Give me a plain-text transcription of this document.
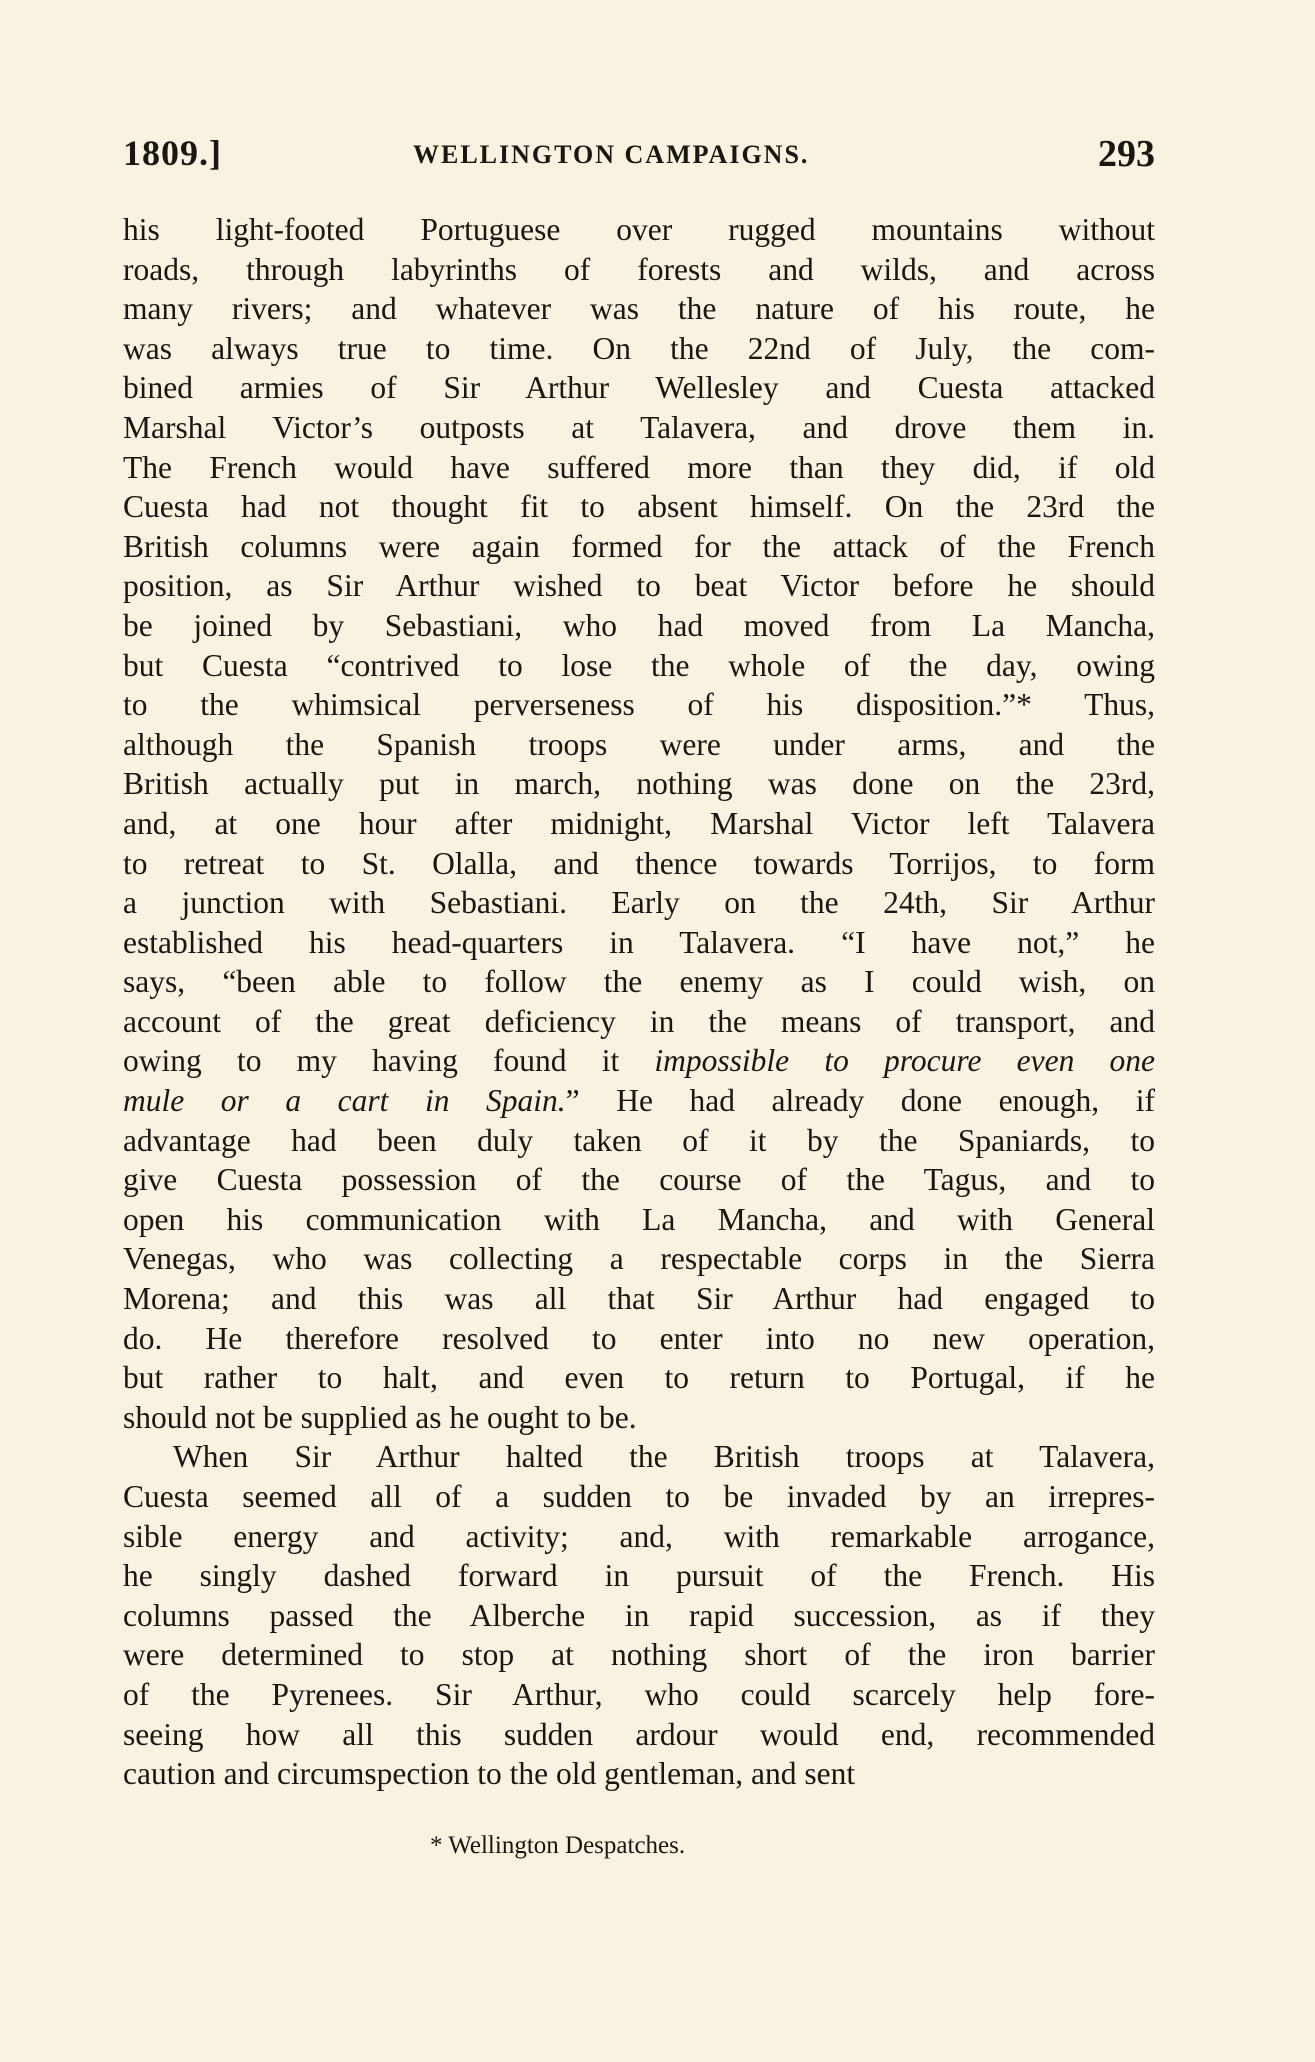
1809.]	WELLINGTON CAMPAIGNS.	293
his light-footed Portuguese over rugged mountains without
roads, through labyrinths of forests and wilds, and across
many rivers; and whatever was the nature of his route, he
was always true to time. On the 22nd of July, the com-
bined armies of Sir Arthur Wellesley and Cuesta attacked
Marshal Victor’s outposts at Talavera, and drove them in.
The French would have suffered more than they did, if old
Cuesta had not thought fit to absent himself. On the 23rd the
British columns were again formed for the attack of the French
position, as Sir Arthur wished to beat Victor before he should
be joined by Sebastiani, who had moved from La Mancha,
but Cuesta “contrived to lose the whole of the day, owing
to the whimsical perverseness of his disposition.”* Thus,
although the Spanish troops were under arms, and the
British actually put in march, nothing was done on the 23rd,
and, at one hour after midnight, Marshal Victor left Talavera
to retreat to St. Olalla, and thence towards Torrijos, to form
a junction with Sebastiani. Early on the 24th, Sir Arthur
established his head-quarters in Talavera. “I have not,” he
says, “been able to follow the enemy as I could wish, on
account of the great deficiency in the means of transport, and
owing to my having found it impossible to procure even one
mule or a cart in Spain.” He had already done enough, if
advantage had been duly taken of it by the Spaniards, to
give Cuesta possession of the course of the Tagus, and to
open his communication with La Mancha, and with General
Venegas, who was collecting a respectable corps in the Sierra
Morena; and this was all that Sir Arthur had engaged to
do. He therefore resolved to enter into no new operation,
but rather to halt, and even to return to Portugal, if he
should not be supplied as he ought to be.
When Sir Arthur halted the British troops at Talavera,
Cuesta seemed all of a sudden to be invaded by an irrepres-
sible energy and activity; and, with remarkable arrogance,
he singly dashed forward in pursuit of the French. His
columns passed the Alberche in rapid succession, as if they
were determined to stop at nothing short of the iron barrier
of the Pyrenees. Sir Arthur, who could scarcely help fore-
seeing how all this sudden ardour would end, recommended
caution and circumspection to the old gentleman, and sent
* Wellington Despatches.
